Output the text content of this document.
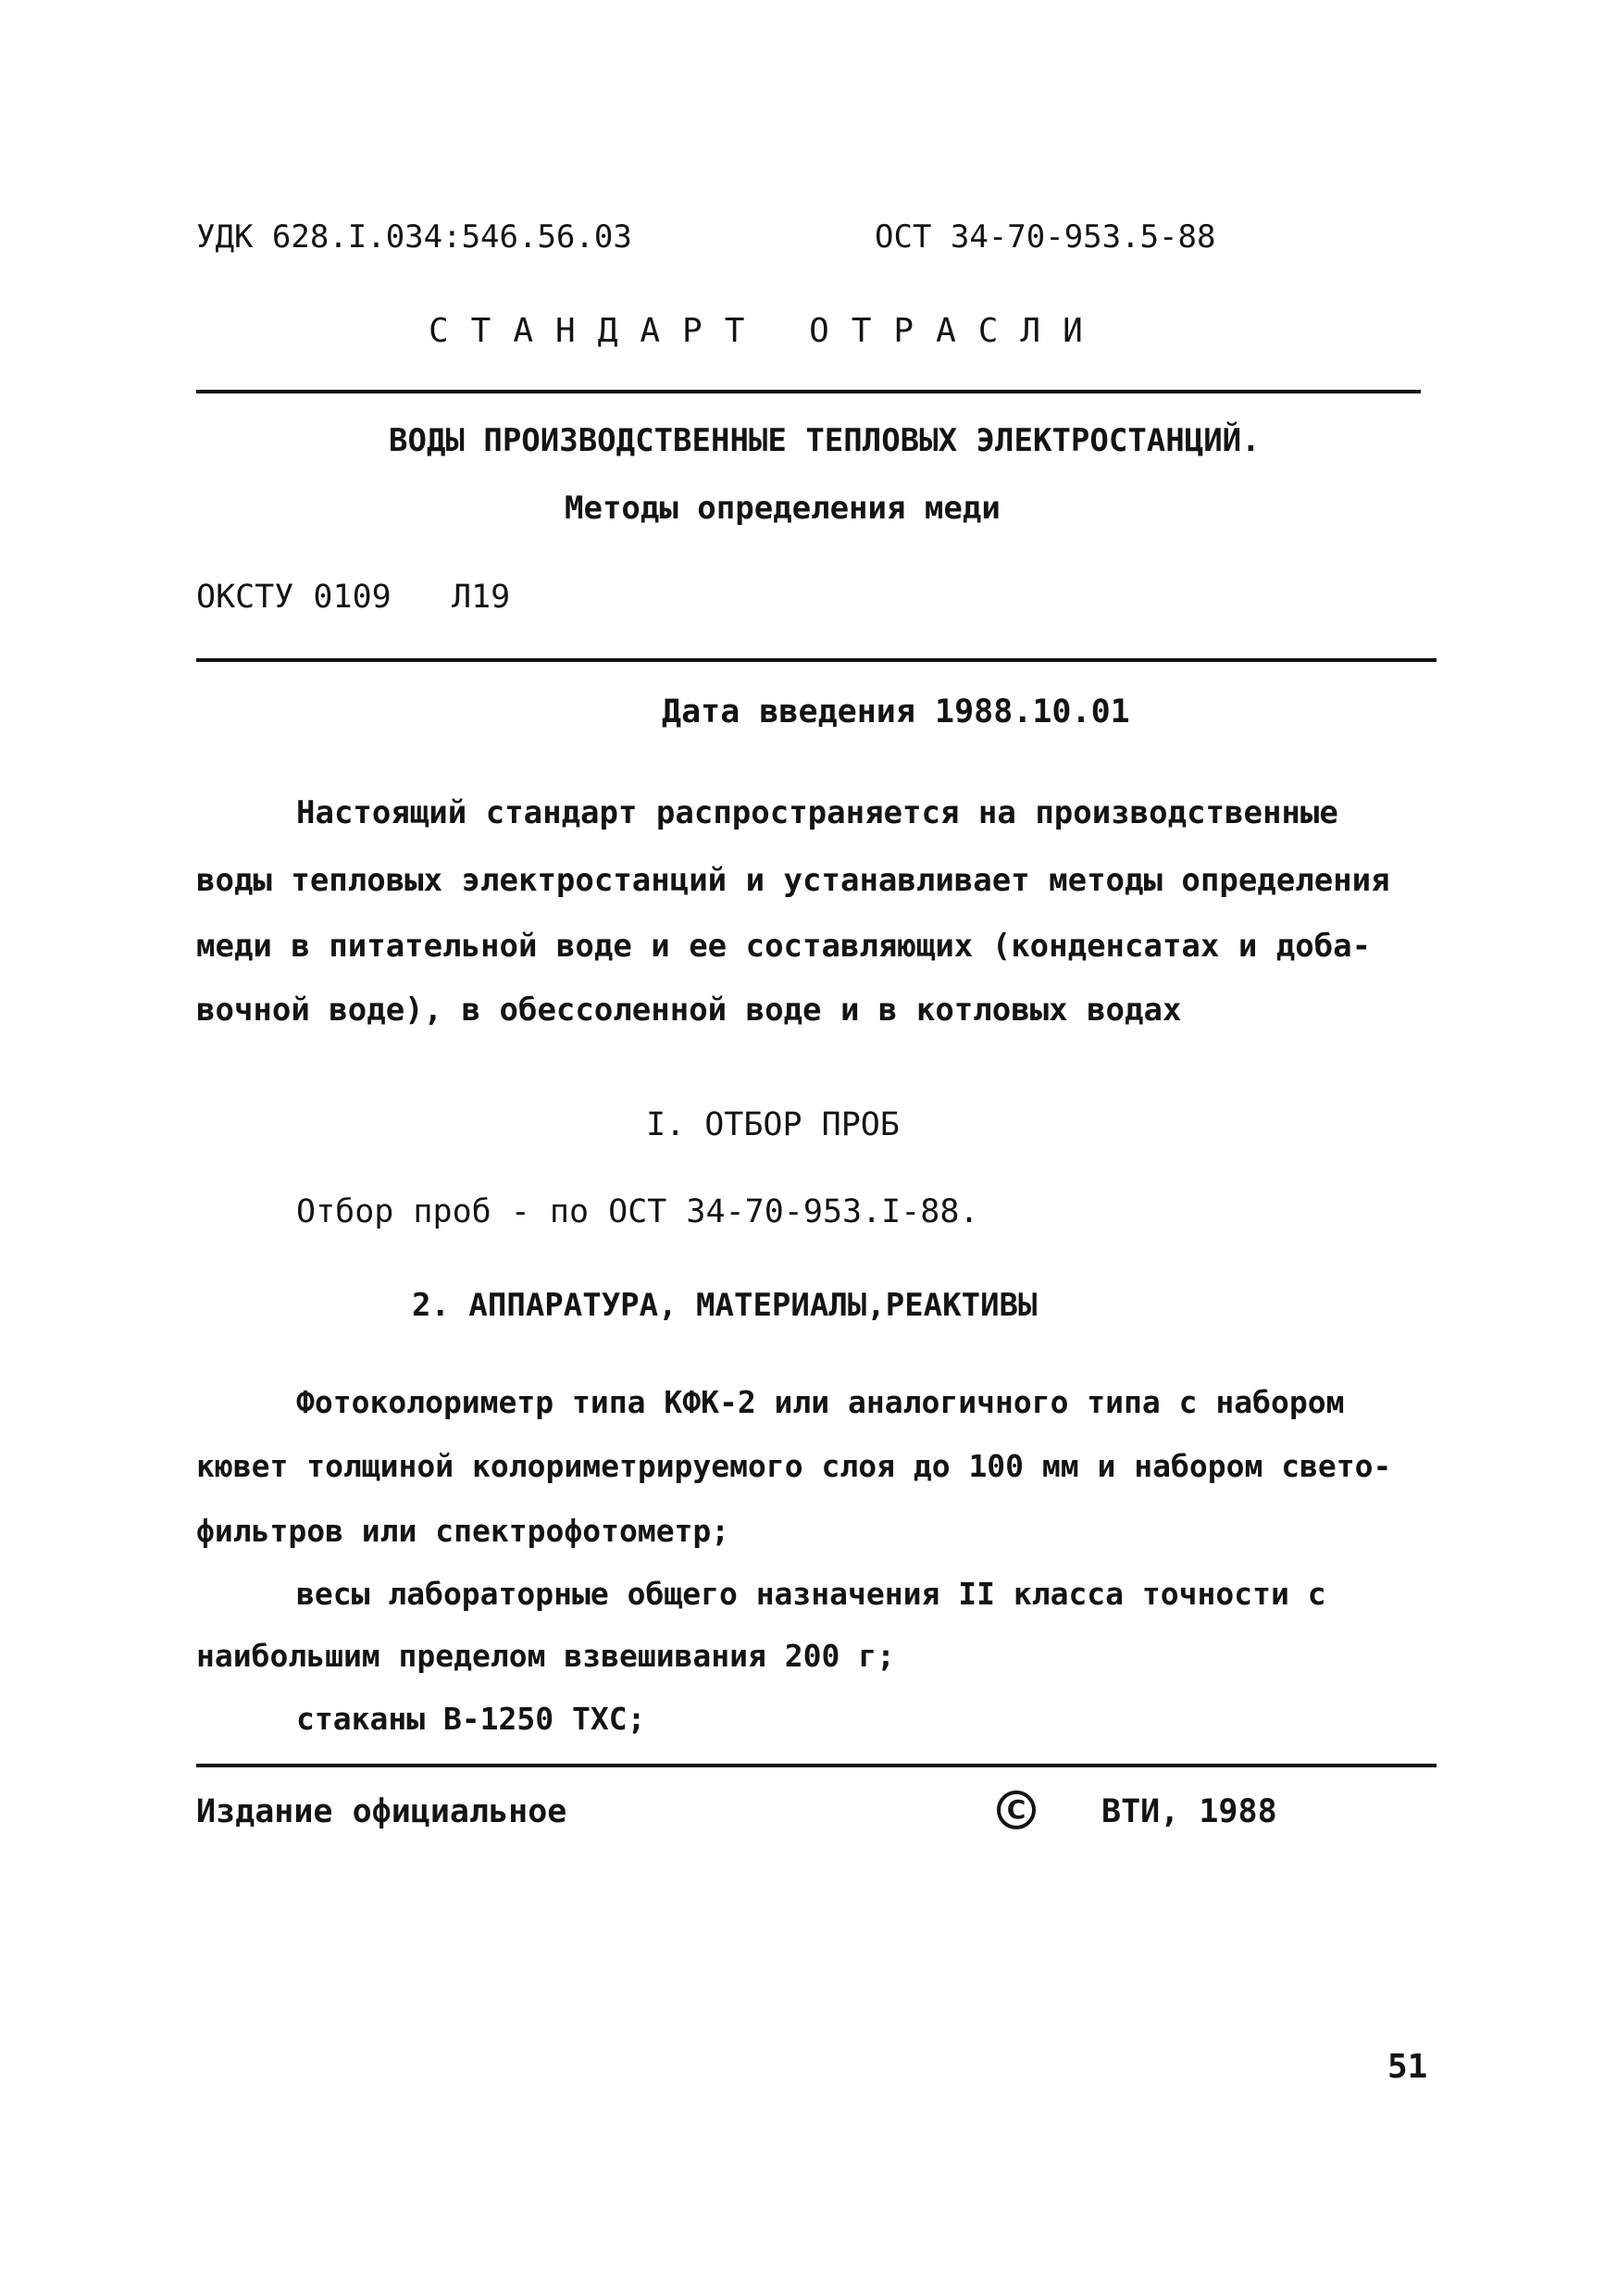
УДК 628.I.034:546.56.03	ОСТ 34-70-953.5-88
СТАНДАРТ ОТРАСЛИ
ВОДЫ ПРОИЗВОДСТВЕННЫЕ ТЕПЛОВЫХ ЭЛЕКТРОСТАНЦИЙ.
Методы определения меди
ОКСТУ 0109 Л19
Дата введения 1988.10.01
Настоящий стандарт распространяется на производственные
воды тепловых электростанций и устанавливает методы определения
меди в питательной воде и ее составляющих (конденсатах и доба-
вочной воде), в обессоленной воде и в котловых водах
I. ОТБОР ПРОБ
Отбор проб - по ОСТ 34-70-953.I-88.
2. АППАРАТУРА, МАТЕРИАЛЫ,РЕАКТИВЫ
Фотоколориметр типа КФК-2 или аналогичного типа с набором
кювет толщиной колориметрируемого слоя до 100 мм и набором свето-
фильтров или спектрофотометр;
весы лабораторные общего назначения II класса точности с
наибольшим пределом взвешивания 200 г;
стаканы В-1250 ТХС;
Издание официальное	C	ВТИ, 1988
51
